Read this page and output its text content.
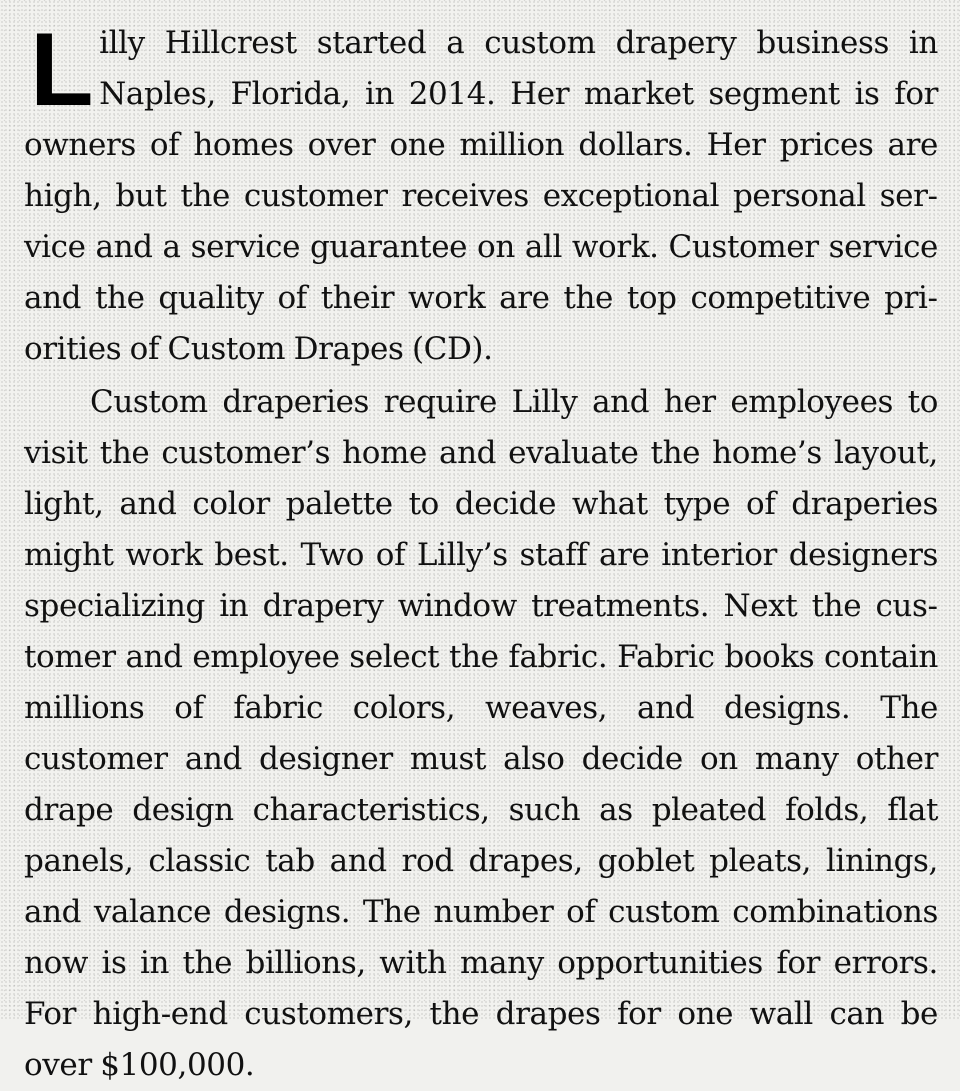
Lilly Hillcrest started a custom drapery business in Naples, Florida, in 2014. Her market segment is for owners of homes over one million dollars. Her prices are high, but the customer receives exceptional personal service and a service guarantee on all work. Customer service and the quality of their work are the top competitive priorities of Custom Drapes (CD).

Custom draperies require Lilly and her employees to visit the customer’s home and evaluate the home’s layout, light, and color palette to decide what type of draperies might work best. Two of Lilly’s staff are interior designers specializing in drapery window treatments. Next the customer and employee select the fabric. Fabric books contain millions of fabric colors, weaves, and designs. The customer and designer must also decide on many other drape design characteristics, such as pleated folds, flat panels, classic tab and rod drapes, goblet pleats, linings, and valance designs. The number of custom combinations now is in the billions, with many opportunities for errors. For high-end customers, the drapes for one wall can be over $100,000.
